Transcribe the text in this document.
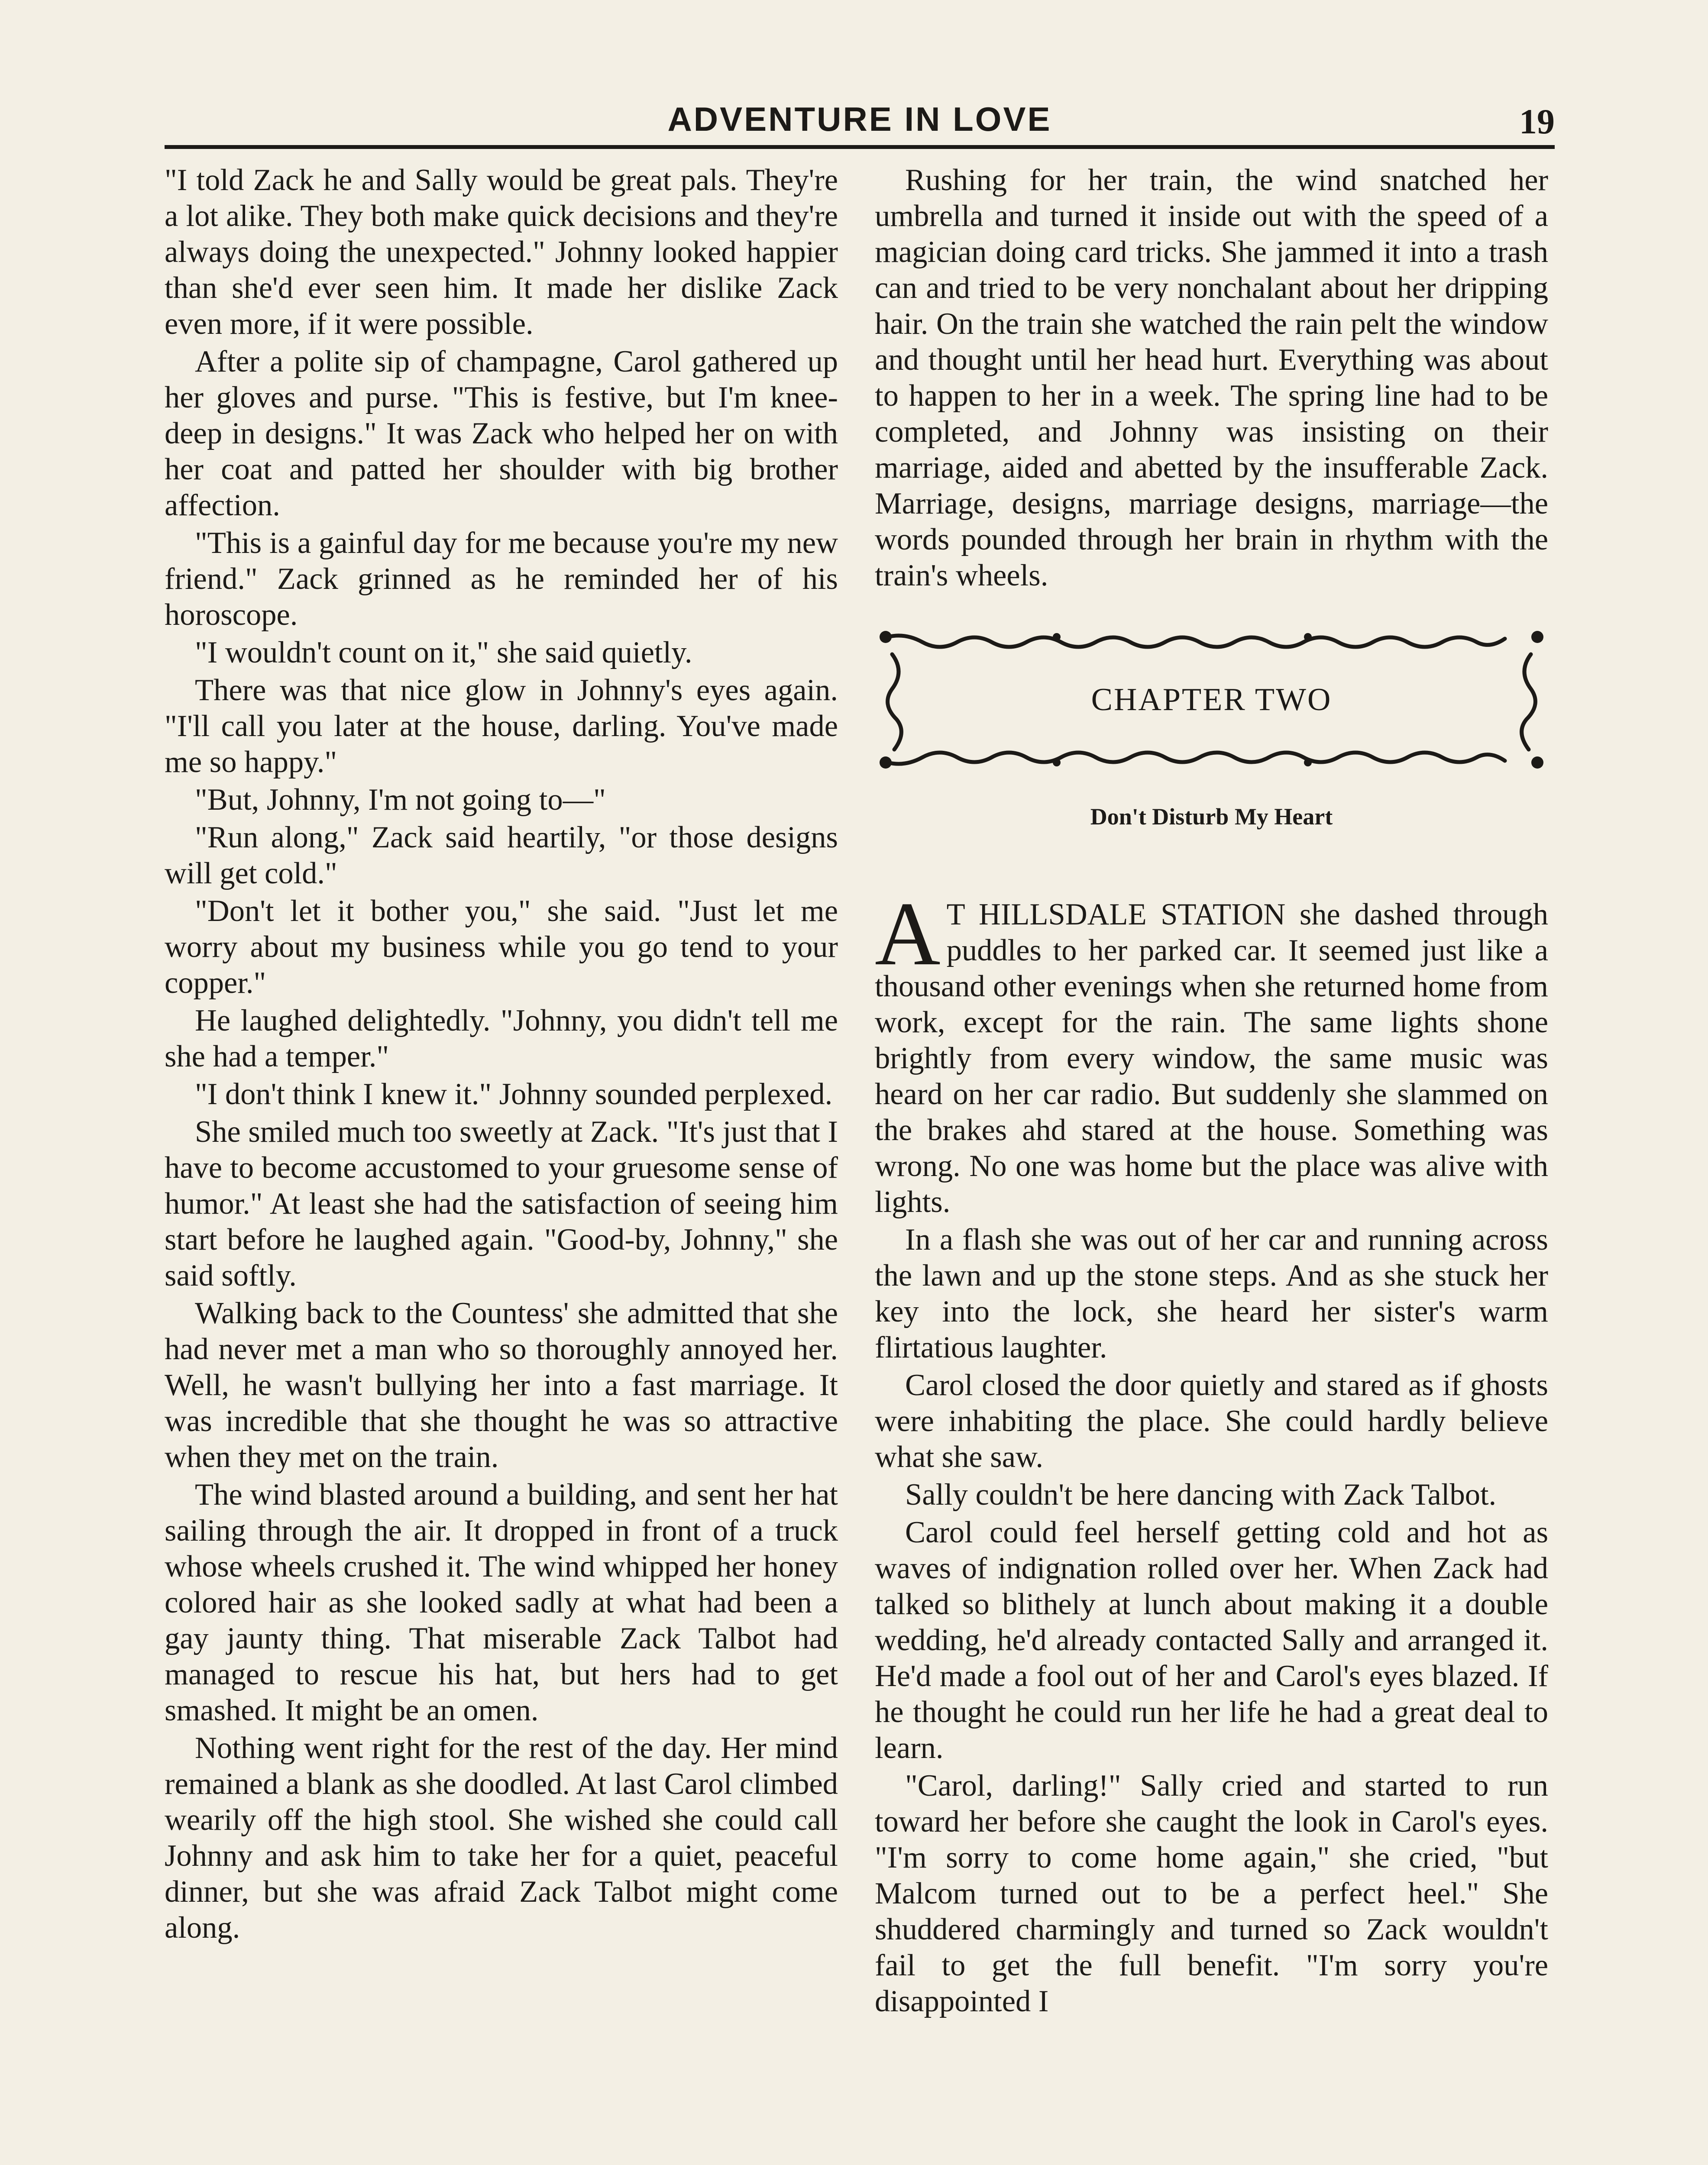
ADVENTURE IN LOVE	19

"I told Zack he and Sally would be great pals. They're a lot alike. They both make quick decisions and they're always doing the unexpected." Johnny looked happier than she'd ever seen him. It made her dislike Zack even more, if it were possible.

After a polite sip of champagne, Carol gathered up her gloves and purse. "This is festive, but I'm knee-deep in designs." It was Zack who helped her on with her coat and patted her shoulder with big brother affection.

"This is a gainful day for me because you're my new friend." Zack grinned as he reminded her of his horoscope.

"I wouldn't count on it," she said quietly.

There was that nice glow in Johnny's eyes again. "I'll call you later at the house, darling. You've made me so happy."

"But, Johnny, I'm not going to—"

"Run along," Zack said heartily, "or those designs will get cold."

"Don't let it bother you," she said. "Just let me worry about my business while you go tend to your copper."

He laughed delightedly. "Johnny, you didn't tell me she had a temper."

"I don't think I knew it." Johnny sounded perplexed.

She smiled much too sweetly at Zack. "It's just that I have to become accustomed to your gruesome sense of humor." At least she had the satisfaction of seeing him start before he laughed again. "Good-by, Johnny," she said softly.

Walking back to the Countess' she admitted that she had never met a man who so thoroughly annoyed her. Well, he wasn't bullying her into a fast marriage. It was incredible that she thought he was so attractive when they met on the train.

The wind blasted around a building, and sent her hat sailing through the air. It dropped in front of a truck whose wheels crushed it. The wind whipped her honey colored hair as she looked sadly at what had been a gay jaunty thing. That miserable Zack Talbot had managed to rescue his hat, but hers had to get smashed. It might be an omen.

Nothing went right for the rest of the day. Her mind remained a blank as she doodled. At last Carol climbed wearily off the high stool. She wished she could call Johnny and ask him to take her for a quiet, peaceful dinner, but she was afraid Zack Talbot might come along.

Rushing for her train, the wind snatched her umbrella and turned it inside out with the speed of a magician doing card tricks. She jammed it into a trash can and tried to be very nonchalant about her dripping hair. On the train she watched the rain pelt the window and thought until her head hurt. Everything was about to happen to her in a week. The spring line had to be completed, and Johnny was insisting on their marriage, aided and abetted by the insufferable Zack. Marriage, designs, marriage designs, marriage—the words pounded through her brain in rhythm with the train's wheels.

CHAPTER TWO
Don't Disturb My Heart

A T HILLSDALE STATION she dashed through puddles to her parked car. It seemed just like a thousand other evenings when she returned home from work, except for the rain. The same lights shone brightly from every window, the same music was heard on her car radio. But suddenly she slammed on the brakes ahd stared at the house. Something was wrong. No one was home but the place was alive with lights.

In a flash she was out of her car and running across the lawn and up the stone steps. And as she stuck her key into the lock, she heard her sister's warm flirtatious laughter.

Carol closed the door quietly and stared as if ghosts were inhabiting the place. She could hardly believe what she saw.

Sally couldn't be here dancing with Zack Talbot.

Carol could feel herself getting cold and hot as waves of indignation rolled over her. When Zack had talked so blithely at lunch about making it a double wedding, he'd already contacted Sally and arranged it. He'd made a fool out of her and Carol's eyes blazed. If he thought he could run her life he had a great deal to learn.

"Carol, darling!" Sally cried and started to run toward her before she caught the look in Carol's eyes. "I'm sorry to come home again," she cried, "but Malcom turned out to be a perfect heel." She shuddered charmingly and turned so Zack wouldn't fail to get the full benefit. "I'm sorry you're disappointed I
